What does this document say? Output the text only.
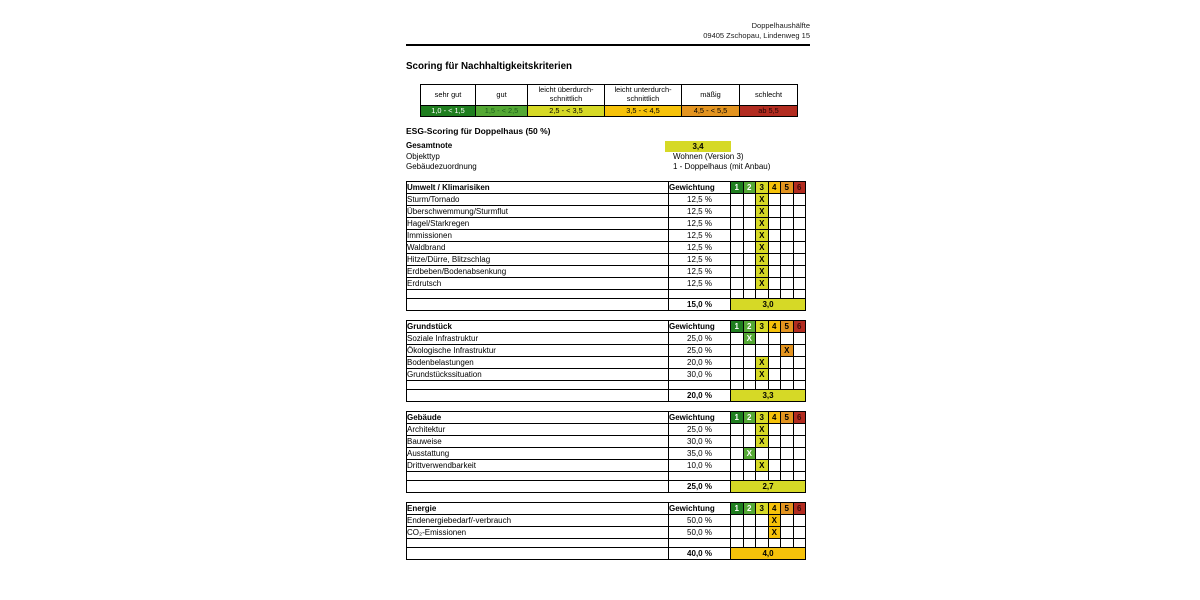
Doppelhaushälfte
09405 Zschopau, Lindenweg 15
Scoring für Nachhaltigkeitskriterien
sehr gut	gut	leicht überdurch- schnittlich	leicht unterdurch- schnittlich	mäßig	schlecht
1,0 - < 1,5	1,5 - < 2,5	2,5 - < 3,5	3,5 - < 4,5	4,5 - < 5,5	ab 5,5
ESG-Scoring für Doppelhaus (50 %)
Gesamtnote	3,4
Objekttyp	Wohnen (Version 3)
Gebäudezuordnung	1 - Doppelhaus (mit Anbau)
Umwelt / Klimarisiken	Gewichtung	1	2	3	4	5	6
Sturm/Tornado	12,5 %			X			
Überschwemmung/Sturmflut	12,5 %			X			
Hagel/Starkregen	12,5 %			X			
Immissionen	12,5 %			X			
Waldbrand	12,5 %			X			
Hitze/Dürre, Blitzschlag	12,5 %			X			
Erdbeben/Bodenabsenkung	12,5 %			X			
Erdrutsch	12,5 %			X			

	15,0 %	3,0					
Grundstück	Gewichtung	1	2	3	4	5	6
Soziale Infrastruktur	25,0 %		X				
Ökologische Infrastruktur	25,0 %					X	
Bodenbelastungen	20,0 %			X			
Grundstückssituation	30,0 %			X			

	20,0 %	3,3					
Gebäude	Gewichtung	1	2	3	4	5	6
Architektur	25,0 %			X			
Bauweise	30,0 %			X			
Ausstattung	35,0 %		X				
Drittverwendbarkeit	10,0 %			X			

	25,0 %	2,7					
Energie	Gewichtung	1	2	3	4	5	6
Endenergiebedarf/-verbrauch	50,0 %				X		
CO₂-Emissionen	50,0 %				X		

	40,0 %	4,0					
